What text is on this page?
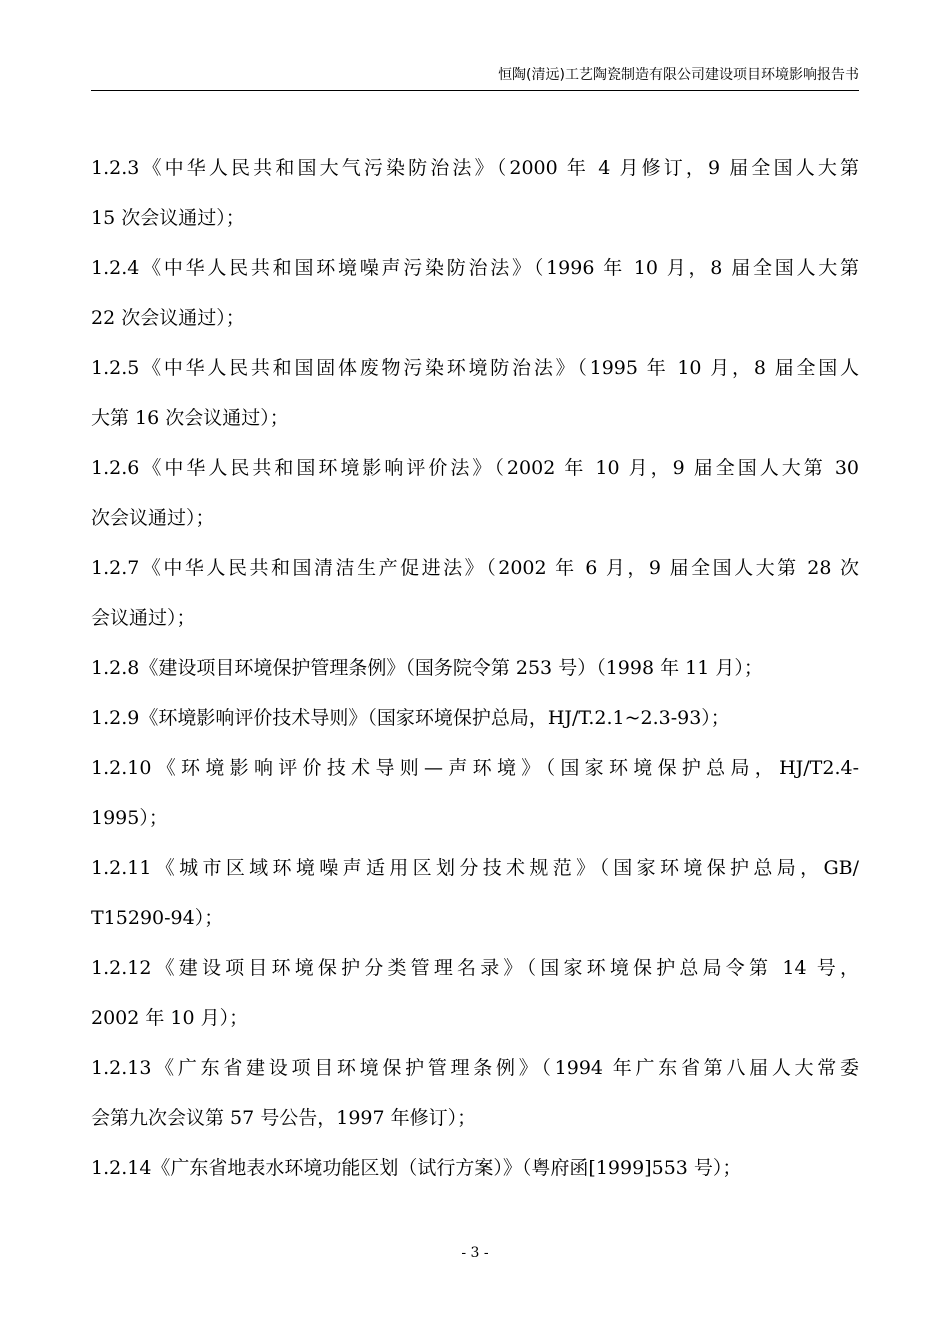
恒陶(清远)工艺陶瓷制造有限公司建设项目环境影响报告书

1.2.3《中华人民共和国大气污染防治法》（2000 年 4 月修订，9 届全国人大第
15 次会议通过）；

1.2.4《中华人民共和国环境噪声污染防治法》（1996 年 10 月，8 届全国人大第
22 次会议通过）；

1.2.5《中华人民共和国固体废物污染环境防治法》（1995 年 10 月，8 届全国人
大第 16 次会议通过）；

1.2.6《中华人民共和国环境影响评价法》（2002 年 10 月，9 届全国人大第 30
次会议通过）；

1.2.7《中华人民共和国清洁生产促进法》（2002 年 6 月，9 届全国人大第 28 次
会议通过）；

1.2.8《建设项目环境保护管理条例》（国务院令第 253 号）（1998 年 11 月）；

1.2.9《环境影响评价技术导则》（国家环境保护总局，HJ/T.2.1~2.3-93）；

1.2.10《环境影响评价技术导则—声环境》（国家环境保护总局，HJ/T2.4-
1995）；

1.2.11《城市区域环境噪声适用区划分技术规范》（国家环境保护总局，GB/
T15290-94）；

1.2.12《建设项目环境保护分类管理名录》（国家环境保护总局令第 14 号，
2002 年 10 月）；

1.2.13《广东省建设项目环境保护管理条例》（1994 年广东省第八届人大常委
会第九次会议第 57 号公告，1997 年修订）；

1.2.14《广东省地表水环境功能区划（试行方案）》（粤府函[1999]553 号）；

- 3 -
